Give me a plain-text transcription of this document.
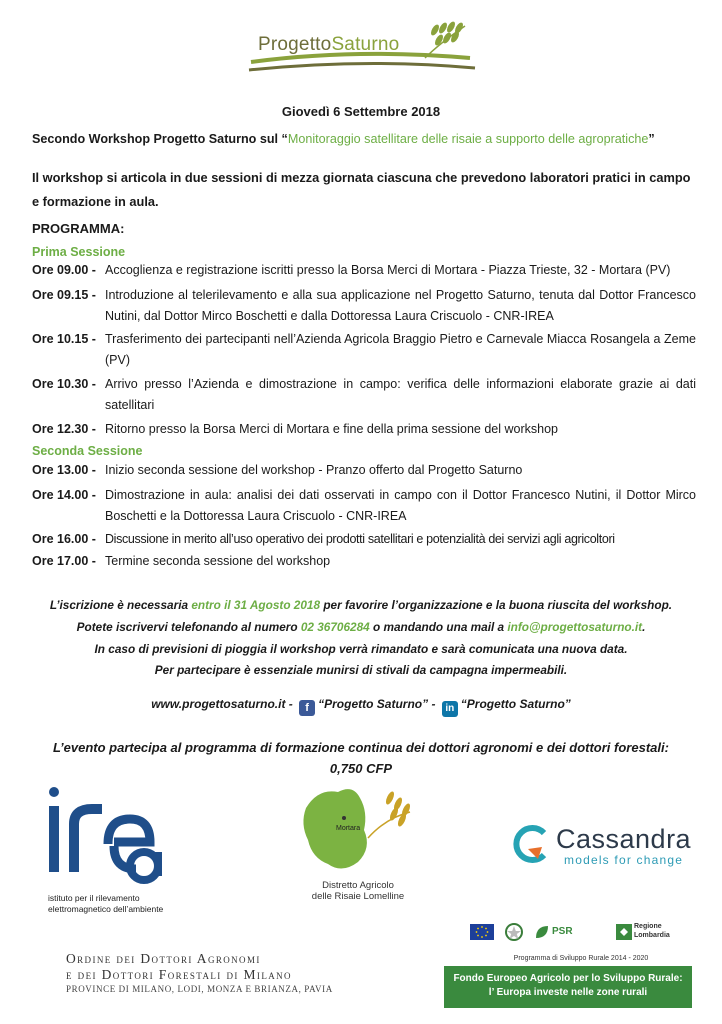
ProgettoSaturno
Giovedì 6 Settembre 2018
Secondo Workshop Progetto Saturno sul “Monitoraggio satellitare delle risaie a supporto delle agropratiche”
Il workshop si articola in due sessioni di mezza giornata ciascuna che prevedono laboratori pratici in campo e formazione in aula.
PROGRAMMA:
Prima Sessione
Ore 09.00 - Accoglienza e registrazione iscritti presso la Borsa Merci di Mortara - Piazza Trieste, 32 - Mortara (PV)
Ore 09.15 - Introduzione al telerilevamento e alla sua applicazione nel Progetto Saturno, tenuta dal Dottor Francesco Nutini, dal Dottor Mirco Boschetti e dalla Dottoressa Laura Criscuolo - CNR-IREA
Ore 10.15 - Trasferimento dei partecipanti nell’Azienda Agricola Braggio Pietro e Carnevale Miacca Rosangela a Zeme (PV)
Ore 10.30 - Arrivo presso l’Azienda e dimostrazione in campo: verifica delle informazioni elaborate grazie ai dati satellitari
Ore 12.30 - Ritorno presso la Borsa Merci di Mortara e fine della prima sessione del workshop
Seconda Sessione
Ore 13.00 - Inizio seconda sessione del workshop - Pranzo offerto dal Progetto Saturno
Ore 14.00 - Dimostrazione in aula: analisi dei dati osservati in campo con il Dottor Francesco Nutini, il Dottor Mirco Boschetti e la Dottoressa Laura Criscuolo - CNR-IREA
Ore 16.00 - Discussione in merito all’uso operativo dei prodotti satellitari e potenzialità dei servizi agli agricoltori
Ore 17.00 - Termine seconda sessione del workshop
L’iscrizione è necessaria entro il 31 Agosto 2018 per favorire l’organizzazione e la buona riuscita del workshop.
Potete iscrivervi telefonando al numero 02 36706284 o mandando una mail a info@progettosaturno.it.
In caso di previsioni di pioggia il workshop verrà rimandato e sarà comunicata una nuova data.
Per partecipare è essenziale munirsi di stivali da campagna impermeabili.
www.progettosaturno.it - f “Progetto Saturno” - in “Progetto Saturno”
L’evento partecipa al programma di formazione continua dei dottori agronomi e dei dottori forestali:
0,750 CFP
istituto per il rilevamento
elettromagnetico dell’ambiente
Mortara
Distretto Agricolo
delle Risaie Lomelline
Cassandra
models for change
Ordine dei Dottori Agronomi
e dei Dottori Forestali di Milano
PROVINCE DI MILANO, LODI, MONZA E BRIANZA, PAVIA
PSR	Regione Lombardia
Programma di Sviluppo Rurale 2014 - 2020
Fondo Europeo Agricolo per lo Sviluppo Rurale:
l’ Europa investe nelle zone rurali
